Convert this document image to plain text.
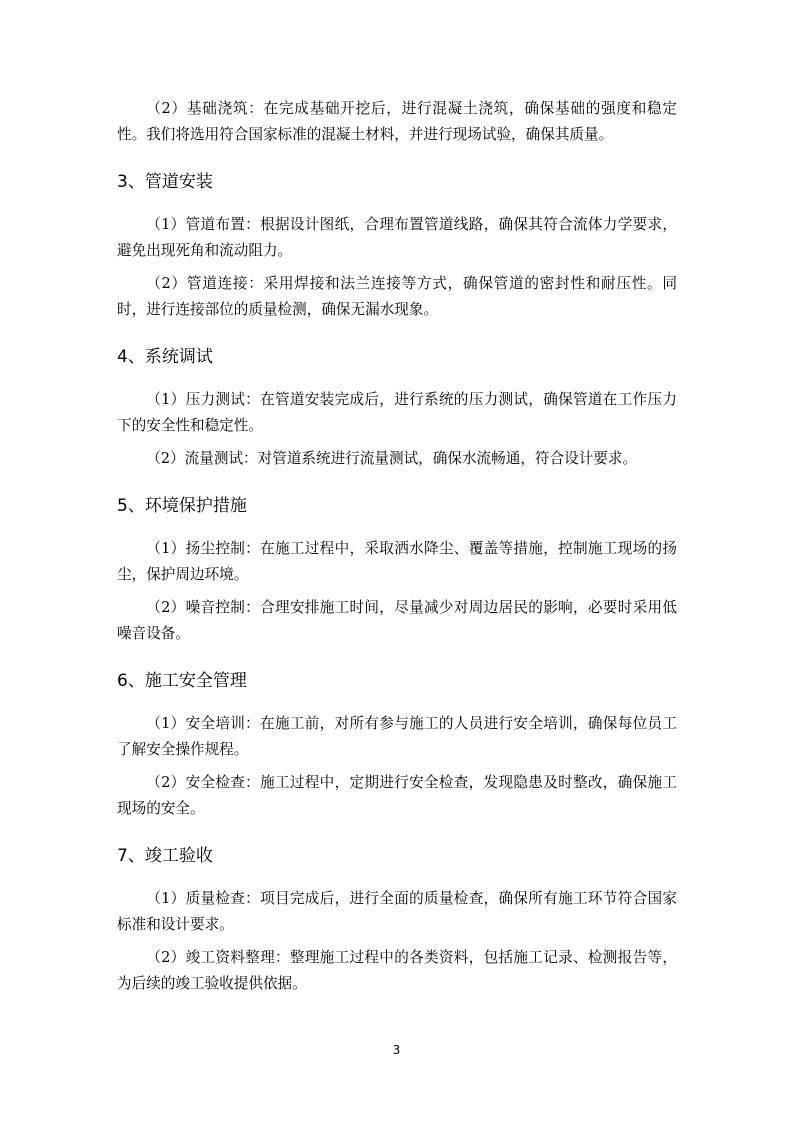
（2）基础浇筑：在完成基础开挖后，进行混凝土浇筑，确保基础的强度和稳定性。我们将选用符合国家标准的混凝土材料，并进行现场试验，确保其质量。

3、管道安装

（1）管道布置：根据设计图纸，合理布置管道线路，确保其符合流体力学要求，避免出现死角和流动阻力。

（2）管道连接：采用焊接和法兰连接等方式，确保管道的密封性和耐压性。同时，进行连接部位的质量检测，确保无漏水现象。

4、系统调试

（1）压力测试：在管道安装完成后，进行系统的压力测试，确保管道在工作压力下的安全性和稳定性。

（2）流量测试：对管道系统进行流量测试，确保水流畅通，符合设计要求。

5、环境保护措施

（1）扬尘控制：在施工过程中，采取洒水降尘、覆盖等措施，控制施工现场的扬尘，保护周边环境。

（2）噪音控制：合理安排施工时间，尽量减少对周边居民的影响，必要时采用低噪音设备。

6、施工安全管理

（1）安全培训：在施工前，对所有参与施工的人员进行安全培训，确保每位员工了解安全操作规程。

（2）安全检查：施工过程中，定期进行安全检查，发现隐患及时整改，确保施工现场的安全。

7、竣工验收

（1）质量检查：项目完成后，进行全面的质量检查，确保所有施工环节符合国家标准和设计要求。

（2）竣工资料整理：整理施工过程中的各类资料，包括施工记录、检测报告等，为后续的竣工验收提供依据。

3
